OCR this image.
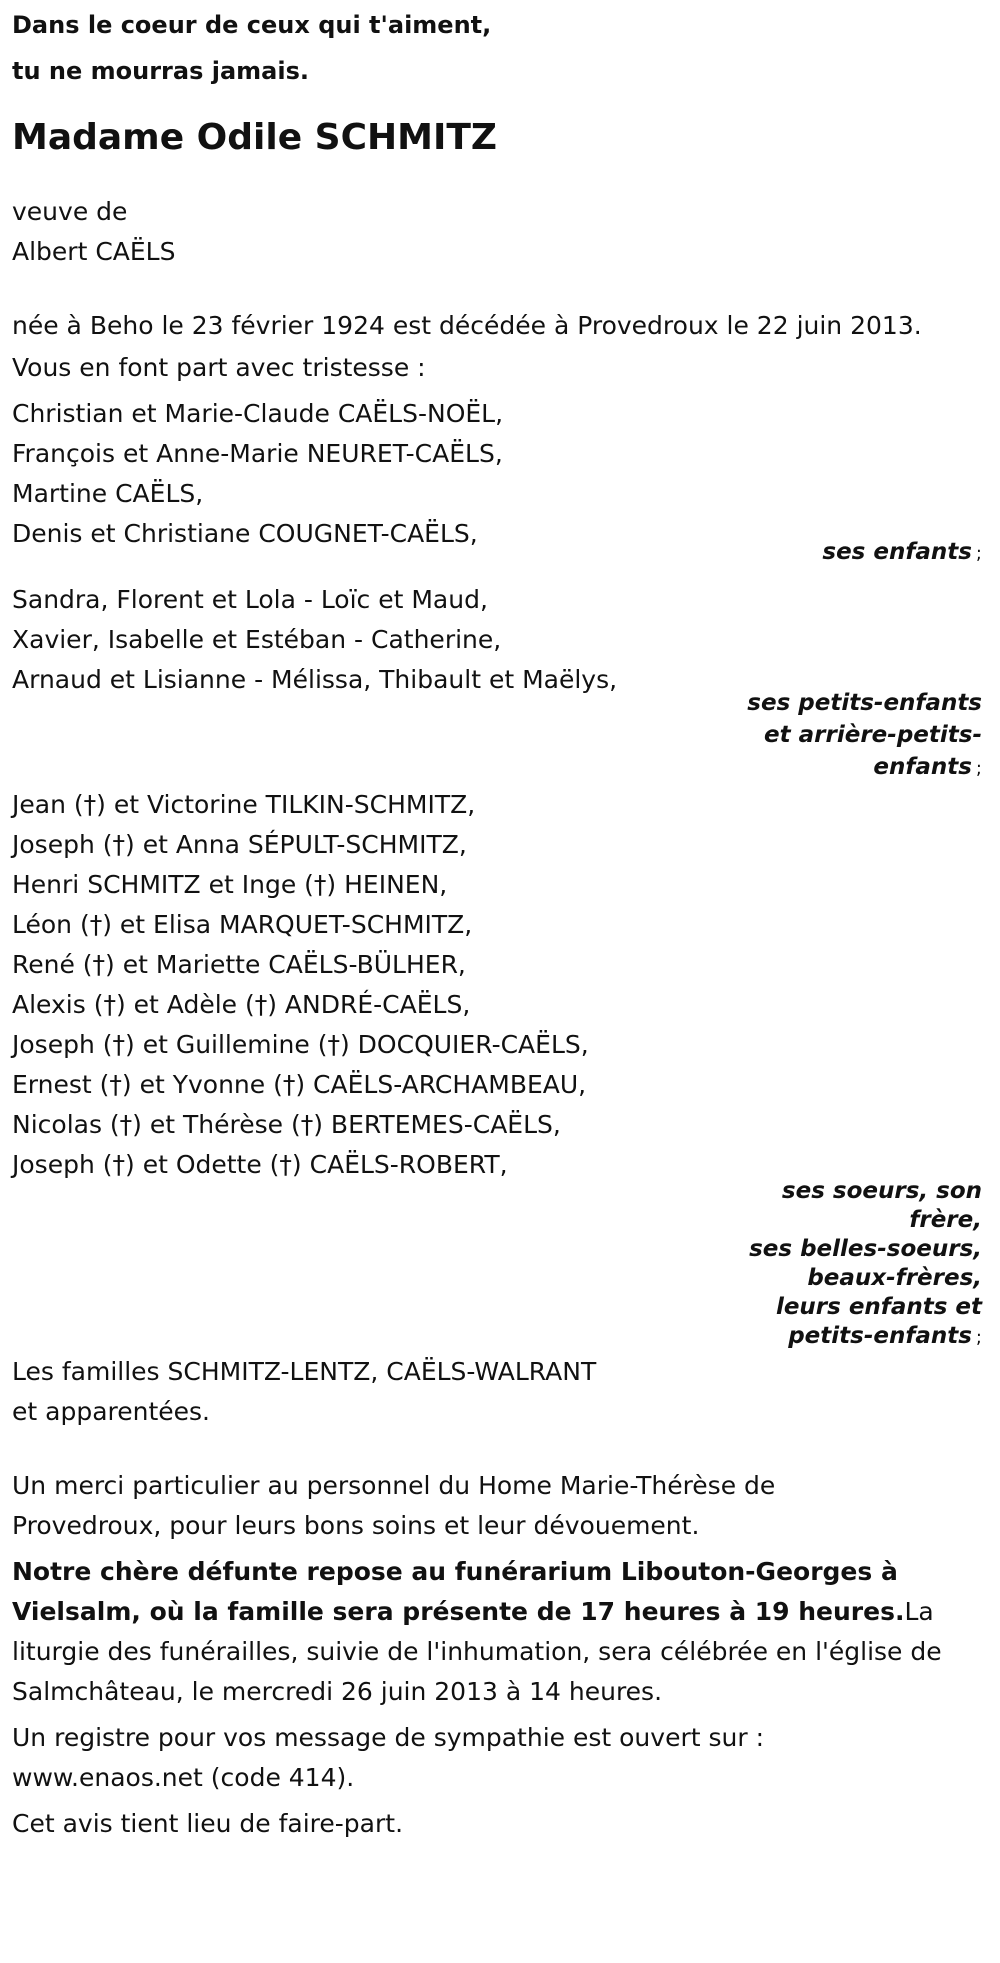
Dans le coeur de ceux qui t'aiment,
tu ne mourras jamais.
Madame Odile SCHMITZ

veuve de

Albert CAËLS

née à Beho le 23 février 1924 est décédée à Provedroux le 22 juin 2013.

Vous en font part avec tristesse :

Christian et Marie-Claude CAËLS-NOËL,

François et Anne-Marie NEURET-CAËLS,

Martine CAËLS,

Denis et Christiane COUGNET-CAËLS,

ses enfants ;

Sandra, Florent et Lola - Loïc et Maud,

Xavier, Isabelle et Estéban - Catherine,

Arnaud et Lisianne - Mélissa, Thibault et Maëlys,

ses petits-enfants
et arrière-petits-
enfants ;

Jean (†) et Victorine TILKIN-SCHMITZ,

Joseph (†) et Anna SÉPULT-SCHMITZ,

Henri SCHMITZ et Inge (†) HEINEN,

Léon (†) et Elisa MARQUET-SCHMITZ,

René (†) et Mariette CAËLS-BÜLHER,

Alexis (†) et Adèle (†) ANDRÉ-CAËLS,

Joseph (†) et Guillemine (†) DOCQUIER-CAËLS,

Ernest (†) et Yvonne (†) CAËLS-ARCHAMBEAU,

Nicolas (†) et Thérèse (†) BERTEMES-CAËLS,

Joseph (†) et Odette (†) CAËLS-ROBERT,

ses soeurs, son
frère,
ses belles-soeurs,
beaux-frères,
leurs enfants et
petits-enfants ;

Les familles SCHMITZ-LENTZ, CAËLS-WALRANT

et apparentées.

Un merci particulier au personnel du Home Marie-Thérèse de

Provedroux, pour leurs bons soins et leur dévouement.

Notre chère défunte repose au funérarium Libouton-Georges à

Vielsalm, où la famille sera présente de 17 heures à 19 heures.La

liturgie des funérailles, suivie de l'inhumation, sera célébrée en l'église de

Salmchâteau, le mercredi 26 juin 2013 à 14 heures.

Un registre pour vos message de sympathie est ouvert sur :

www.enaos.net (code 414).

Cet avis tient lieu de faire-part.
